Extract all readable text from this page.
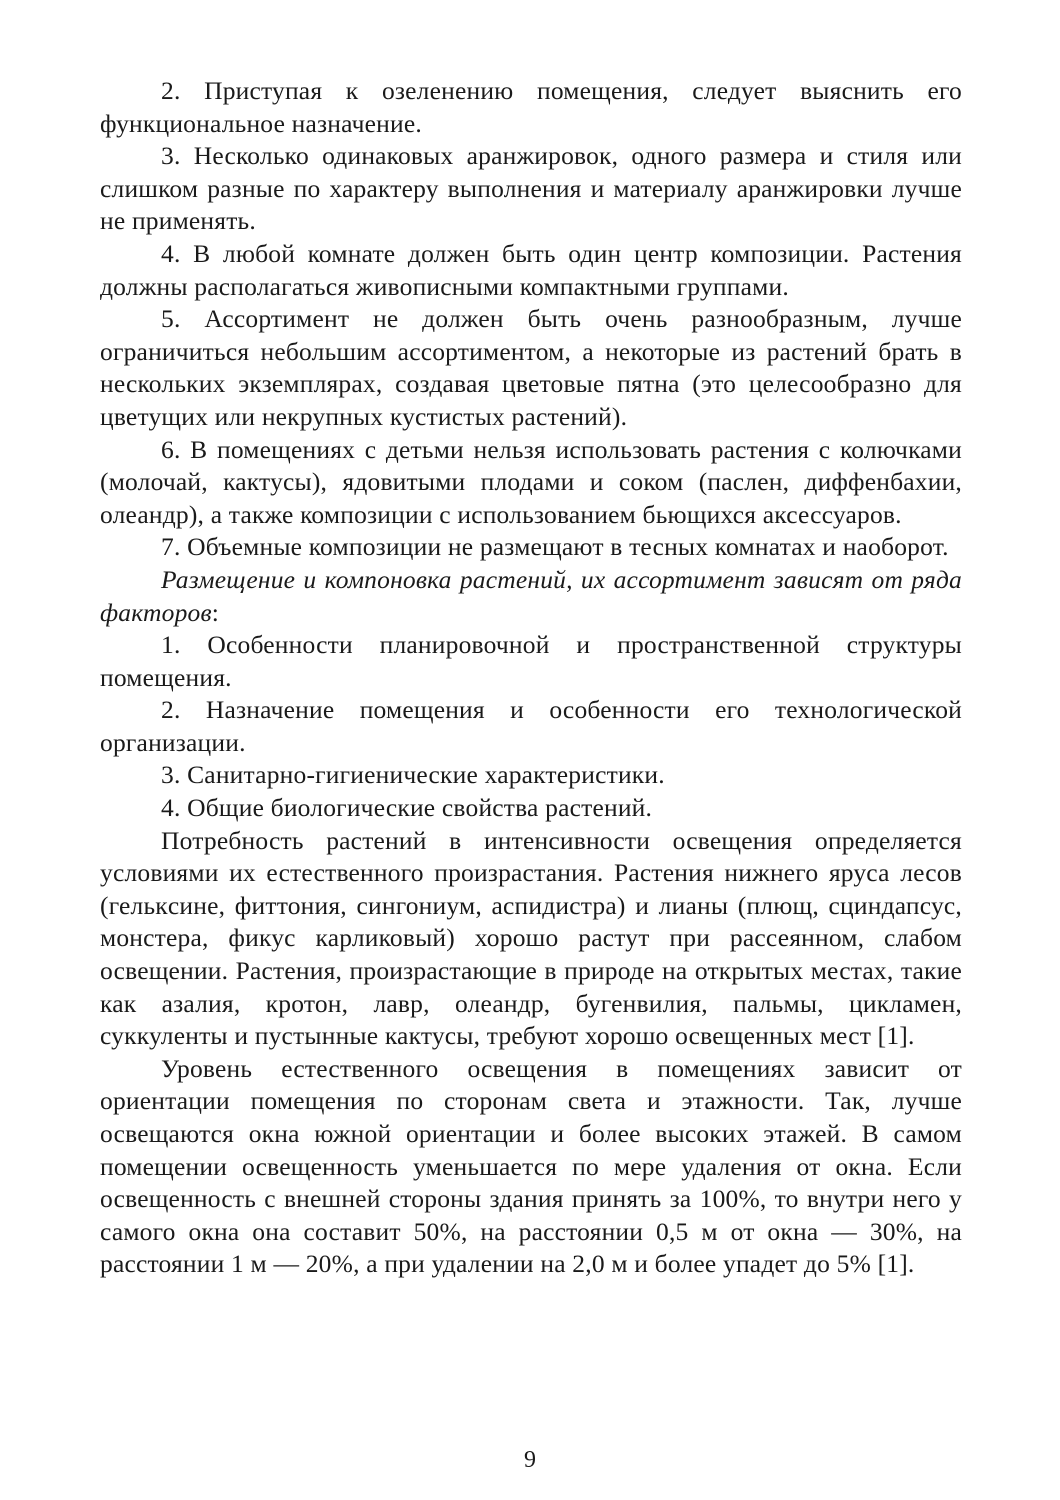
2. Приступая к озеленению помещения, следует выяснить его функциональное назначение.

3. Несколько одинаковых аранжировок, одного размера и стиля или слишком разные по характеру выполнения и материалу аранжировки лучше не применять.

4. В любой комнате должен быть один центр композиции. Растения должны располагаться живописными компактными группами.

5. Ассортимент не должен быть очень разнообразным, лучше ограничиться небольшим ассортиментом, а некоторые из растений брать в нескольких экземплярах, создавая цветовые пятна (это целесообразно для цветущих или некрупных кустистых растений).

6. В помещениях с детьми нельзя использовать растения с колючками (молочай, кактусы), ядовитыми плодами и соком (паслен, диффенбахии, олеандр), а также композиции с использованием бьющихся аксессуаров.

7. Объемные композиции не размещают в тесных комнатах и наоборот.

Размещение и компоновка растений, их ассортимент зависят от ряда факторов:

1. Особенности планировочной и пространственной структуры помещения.

2. Назначение помещения и особенности его технологической организации.

3. Санитарно-гигиенические характеристики.

4. Общие биологические свойства растений.

Потребность растений в интенсивности освещения определяется условиями их естественного произрастания. Растения нижнего яруса лесов (гелькcине, фиттония, сингониум, аспидистра) и лианы (плющ, сциндапсус, монстера, фикус карликовый) хорошо растут при рассеянном, слабом освещении. Растения, произрастающие в природе на открытых местах, такие как азалия, кротон, лавр, олеандр, бугенвилия, пальмы, цикламен, суккуленты и пустынные кактусы, требуют хорошо освещенных мест [1].

Уровень естественного освещения в помещениях зависит от ориентации помещения по сторонам света и этажности. Так, лучше освещаются окна южной ориентации и более высоких этажей. В самом помещении освещенность уменьшается по мере удаления от окна. Если освещенность с внешней стороны здания принять за 100%, то внутри него у самого окна она составит 50%, на расстоянии 0,5 м от окна — 30%, на расстоянии 1 м — 20%, а при удалении на 2,0 м и более упадет до 5% [1].

9
